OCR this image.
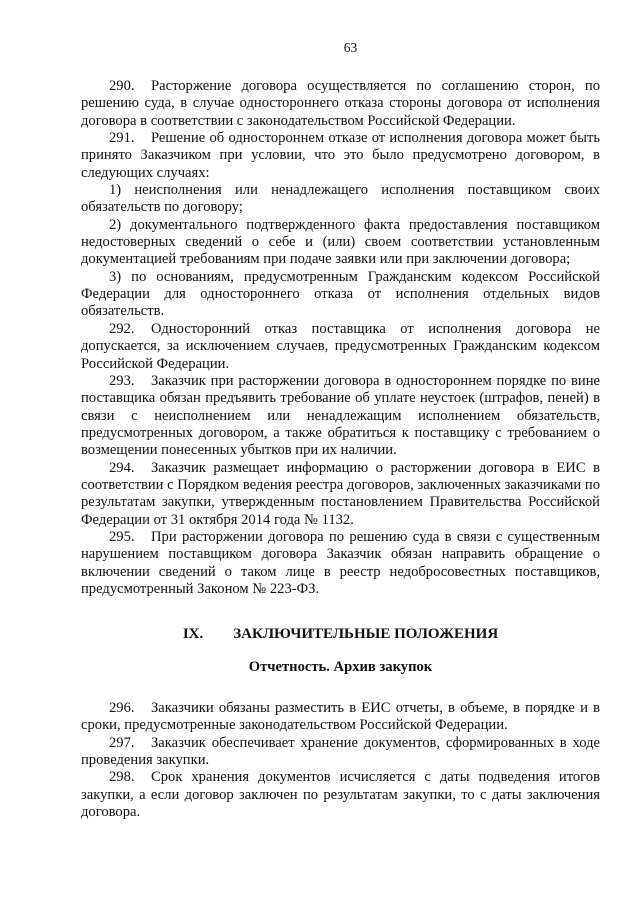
63

290. Расторжение договора осуществляется по соглашению сторон, по решению суда, в случае одностороннего отказа стороны договора от исполнения договора в соответствии с законодательством Российской Федерации.

291. Решение об одностороннем отказе от исполнения договора может быть принято Заказчиком при условии, что это было предусмотрено договором, в следующих случаях:

1) неисполнения или ненадлежащего исполнения поставщиком своих обязательств по договору;

2) документального подтвержденного факта предоставления поставщиком недостоверных сведений о себе и (или) своем соответствии установленным документацией требованиям при подаче заявки или при заключении договора;

3) по основаниям, предусмотренным Гражданским кодексом Российской Федерации для одностороннего отказа от исполнения отдельных видов обязательств.

292. Односторонний отказ поставщика от исполнения договора не допускается, за исключением случаев, предусмотренных Гражданским кодексом Российской Федерации.

293. Заказчик при расторжении договора в одностороннем порядке по вине поставщика обязан предъявить требование об уплате неустоек (штрафов, пеней) в связи с неисполнением или ненадлежащим исполнением обязательств, предусмотренных договором, а также обратиться к поставщику с требованием о возмещении понесенных убытков при их наличии.

294. Заказчик размещает информацию о расторжении договора в ЕИС в соответствии с Порядком ведения реестра договоров, заключенных заказчиками по результатам закупки, утвержденным постановлением Правительства Российской Федерации от 31 октября 2014 года № 1132.

295. При расторжении договора по решению суда в связи с существенным нарушением поставщиком договора Заказчик обязан направить обращение о включении сведений о таком лице в реестр недобросовестных поставщиков, предусмотренный Законом № 223-ФЗ.

IX. ЗАКЛЮЧИТЕЛЬНЫЕ ПОЛОЖЕНИЯ
Отчетность. Архив закупок

296. Заказчики обязаны разместить в ЕИС отчеты, в объеме, в порядке и в сроки, предусмотренные законодательством Российской Федерации.

297. Заказчик обеспечивает хранение документов, сформированных в ходе проведения закупки.

298. Срок хранения документов исчисляется с даты подведения итогов закупки, а если договор заключен по результатам закупки, то с даты заключения договора.
